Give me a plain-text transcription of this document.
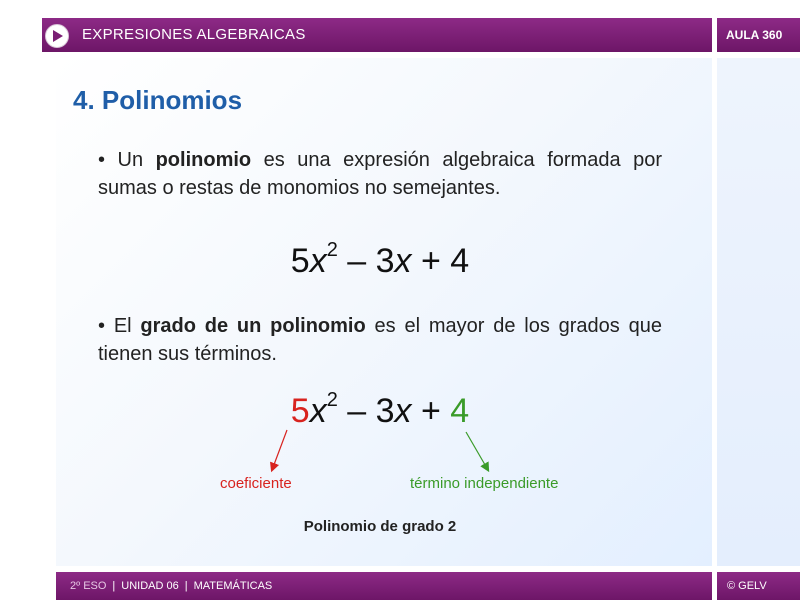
EXPRESIONES ALGEBRAICAS	AULA 360
4. Polinomios

• Un polinomio es una expresión algebraica formada por sumas o restas de monomios no semejantes.

$5x^2 - 3x + 4$

• El grado de un polinomio es el mayor de los grados que tienen sus términos.

$5x^2 - 3x + 4$
coeficiente	término independiente
Polinomio de grado 2
2º ESO | UNIDAD 06 | MATEMÁTICAS	© GELV
